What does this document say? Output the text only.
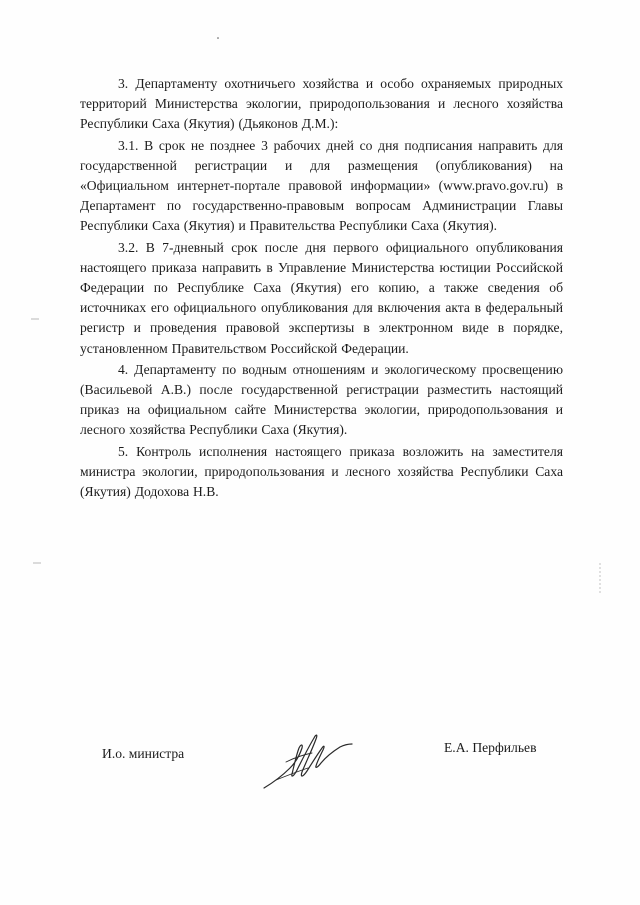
3. Департаменту охотничьего хозяйства и особо охраняемых природных территорий Министерства экологии, природопользования и лесного хозяйства Республики Саха (Якутия) (Дьяконов Д.М.):

3.1. В срок не позднее 3 рабочих дней со дня подписания направить для государственной регистрации и для размещения (опубликования) на «Официальном интернет-портале правовой информации» (www.pravo.gov.ru) в Департамент по государственно-правовым вопросам Администрации Главы Республики Саха (Якутия) и Правительства Республики Саха (Якутия).

3.2. В 7-дневный срок после дня первого официального опубликования настоящего приказа направить в Управление Министерства юстиции Российской Федерации по Республике Саха (Якутия) его копию, а также сведения об источниках его официального опубликования для включения акта в федеральный регистр и проведения правовой экспертизы в электронном виде в порядке, установленном Правительством Российской Федерации.

4. Департаменту по водным отношениям и экологическому просвещению (Васильевой А.В.) после государственной регистрации разместить настоящий приказ на официальном сайте Министерства экологии, природопользования и лесного хозяйства Республики Саха (Якутия).

5. Контроль исполнения настоящего приказа возложить на заместителя министра экологии, природопользования и лесного хозяйства Республики Саха (Якутия) Додохова Н.В.

И.о. министра	Е.А. Перфильев
